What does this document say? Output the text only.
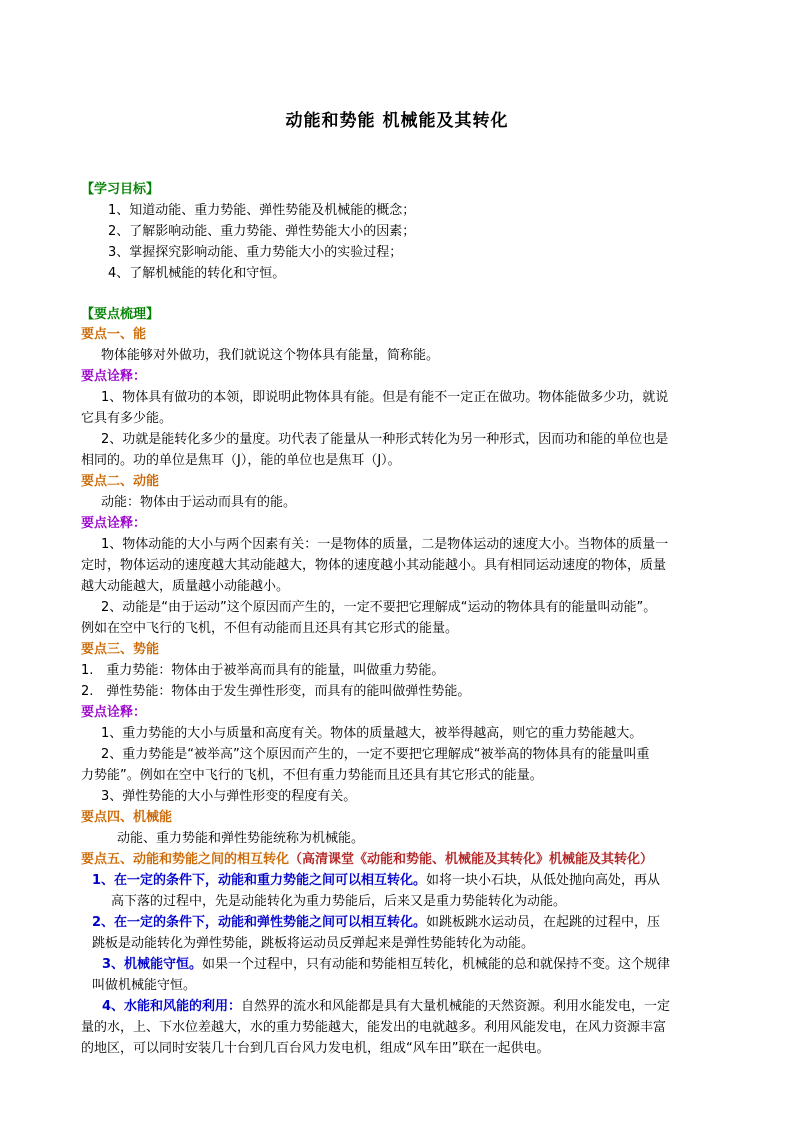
动能和势能 机械能及其转化
【学习目标】
1、知道动能、重力势能、弹性势能及机械能的概念；
2、了解影响动能、重力势能、弹性势能大小的因素；
3、掌握探究影响动能、重力势能大小的实验过程；
4、了解机械能的转化和守恒。
【要点梳理】
要点一、能
物体能够对外做功，我们就说这个物体具有能量，简称能。
要点诠释：
1、物体具有做功的本领，即说明此物体具有能。但是有能不一定正在做功。物体能做多少功，就说
它具有多少能。
2、功就是能转化多少的量度。功代表了能量从一种形式转化为另一种形式，因而功和能的单位也是
相同的。功的单位是焦耳（J），能的单位也是焦耳（J）。
要点二、动能
动能：物体由于运动而具有的能。
要点诠释：
1、物体动能的大小与两个因素有关：一是物体的质量，二是物体运动的速度大小。当物体的质量一
定时，物体运动的速度越大其动能越大，物体的速度越小其动能越小。具有相同运动速度的物体，质量
越大动能越大，质量越小动能越小。
2、动能是“由于运动”这个原因而产生的，一定不要把它理解成“运动的物体具有的能量叫动能”。
例如在空中飞行的飞机，不但有动能而且还具有其它形式的能量。
要点三、势能
1.　重力势能：物体由于被举高而具有的能量，叫做重力势能。
2.　弹性势能：物体由于发生弹性形变，而具有的能叫做弹性势能。
要点诠释：
1、重力势能的大小与质量和高度有关。物体的质量越大，被举得越高，则它的重力势能越大。
2、重力势能是“被举高”这个原因而产生的，一定不要把它理解成“被举高的物体具有的能量叫重
力势能”。例如在空中飞行的飞机，不但有重力势能而且还具有其它形式的能量。
3、弹性势能的大小与弹性形变的程度有关。
要点四、机械能
动能、重力势能和弹性势能统称为机械能。
要点五、动能和势能之间的相互转化（高清课堂《动能和势能、机械能及其转化》机械能及其转化）
1、在一定的条件下，动能和重力势能之间可以相互转化。如将一块小石块，从低处抛向高处，再从
高下落的过程中，先是动能转化为重力势能后，后来又是重力势能转化为动能。
2、在一定的条件下，动能和弹性势能之间可以相互转化。如跳板跳水运动员，在起跳的过程中，压
跳板是动能转化为弹性势能，跳板将运动员反弹起来是弹性势能转化为动能。
3、机械能守恒。如果一个过程中，只有动能和势能相互转化，机械能的总和就保持不变。这个规律
叫做机械能守恒。
4、水能和风能的利用：自然界的流水和风能都是具有大量机械能的天然资源。利用水能发电，一定
量的水，上、下水位差越大，水的重力势能越大，能发出的电就越多。利用风能发电，在风力资源丰富
的地区，可以同时安装几十台到几百台风力发电机，组成“风车田”联在一起供电。
